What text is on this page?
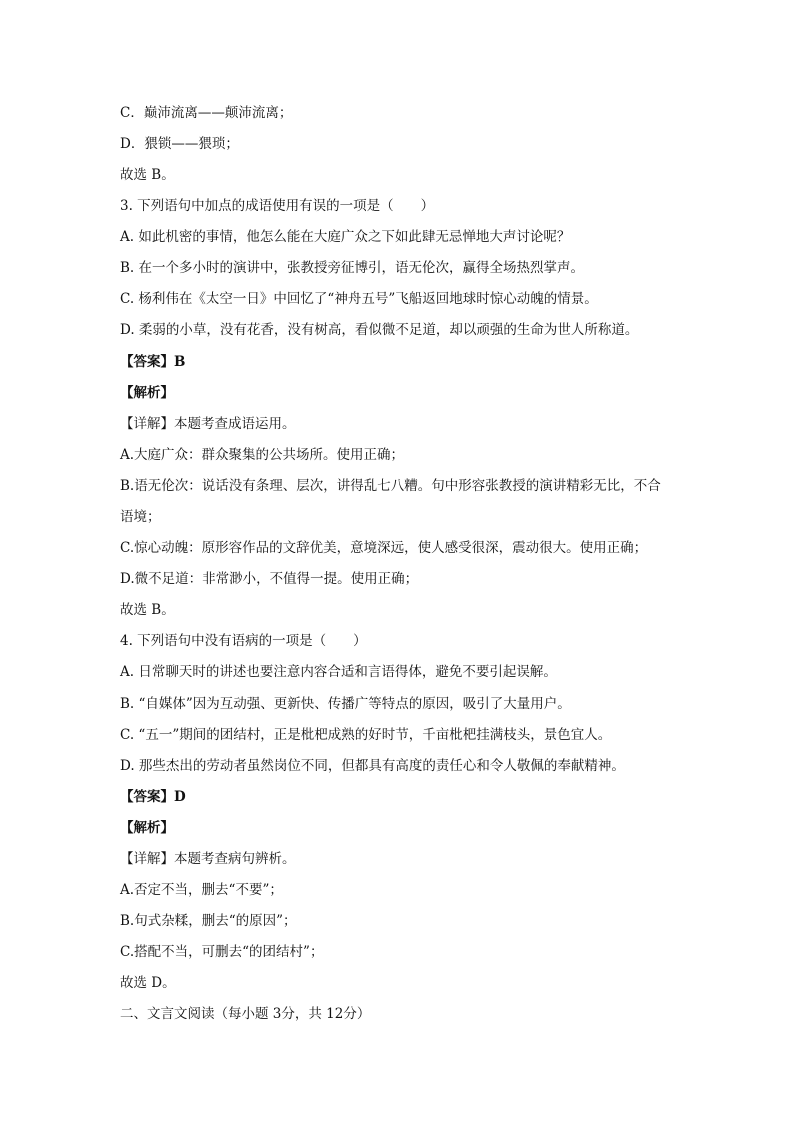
C．巅沛流离——颠沛流离；
D．猥锁——猥琐；
故选 B。
3. 下列语句中加点的成语使用有误的一项是（　　）
A. 如此机密的事情，他怎么能在大庭广众之下如此肆无忌惮地大声讨论呢？
B. 在一个多小时的演讲中，张教授旁征博引，语无伦次，赢得全场热烈掌声。
C. 杨利伟在《太空一日》中回忆了“神舟五号”飞船返回地球时惊心动魄的情景。
D. 柔弱的小草，没有花香，没有树高，看似微不足道，却以顽强的生命为世人所称道。
【答案】B
【解析】
【详解】本题考查成语运用。
A.大庭广众：群众聚集的公共场所。使用正确；
B.语无伦次：说话没有条理、层次，讲得乱七八糟。句中形容张教授的演讲精彩无比，不合
语境；
C.惊心动魄：原形容作品的文辞优美，意境深远，使人感受很深，震动很大。使用正确；
D.微不足道：非常渺小，不值得一提。使用正确；
故选 B。
4. 下列语句中没有语病的一项是（　　）
A. 日常聊天时的讲述也要注意内容合适和言语得体，避免不要引起误解。
B. “自媒体”因为互动强、更新快、传播广等特点的原因，吸引了大量用户。
C. “五一”期间的团结村，正是枇杷成熟的好时节，千亩枇杷挂满枝头，景色宜人。
D. 那些杰出的劳动者虽然岗位不同，但都具有高度的责任心和令人敬佩的奉献精神。
【答案】D
【解析】
【详解】本题考查病句辨析。
A.否定不当，删去“不要”；
B.句式杂糅，删去“的原因”；
C.搭配不当，可删去“的团结村”；
故选 D。
二、文言文阅读（每小题 3分，共 12分）
